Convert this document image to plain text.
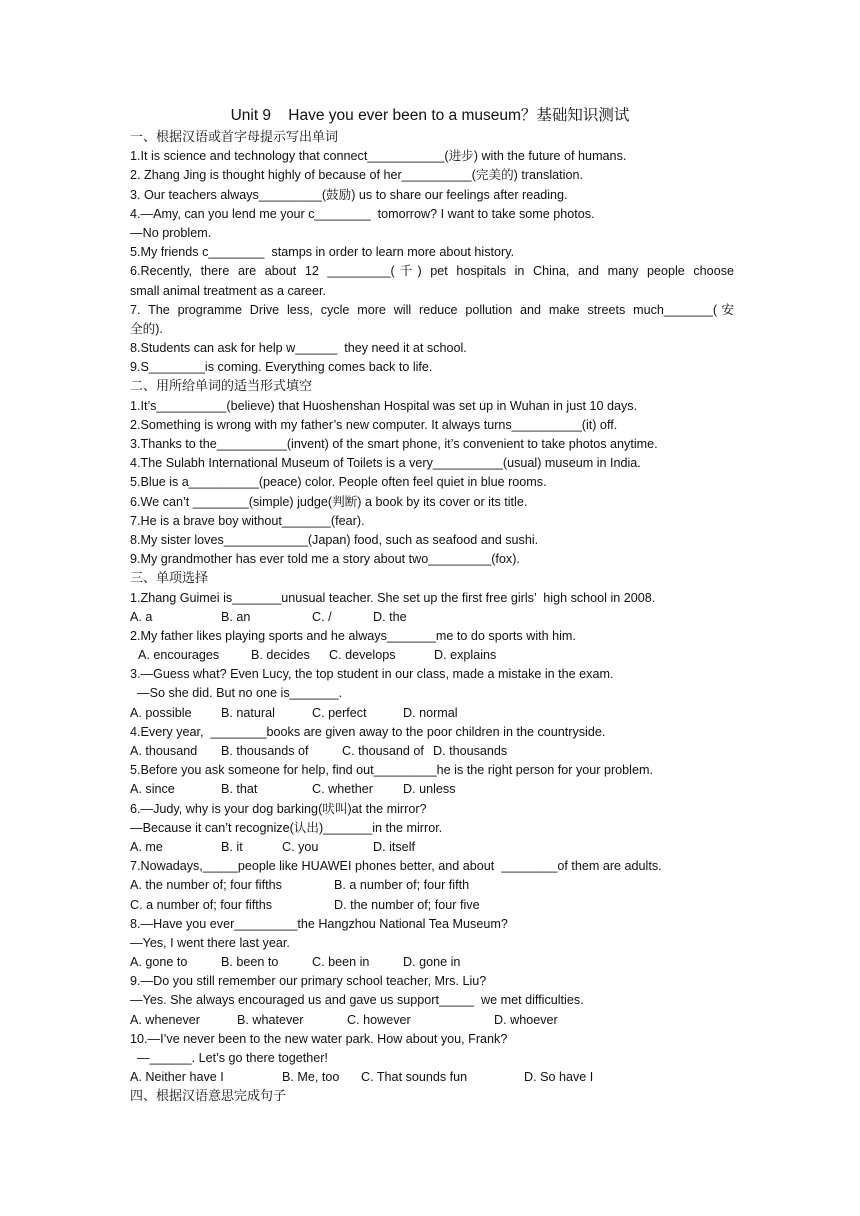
Unit 9    Have you ever been to a museum？基础知识测试
一、根据汉语或首字母提示写出单词
1.It is science and technology that connect___________(进步) with the future of humans.
2. Zhang Jing is thought highly of because of her__________(完美的) translation.
3. Our teachers always_________(鼓励) us to share our feelings after reading.
4.—Amy, can you lend me your c________  tomorrow? I want to take some photos.
—No problem.
5.My friends c________  stamps in order to learn more about history.
6.Recently, there are about 12 _________(千) pet hospitals in China, and many people choose
small animal treatment as a career.
7. The programme Drive less, cycle more will reduce pollution and make streets much_______(安
全的).
8.Students can ask for help w______  they need it at school.
9.S________is coming. Everything comes back to life.
二、用所给单词的适当形式填空
1.It’s__________(believe) that Huoshenshan Hospital was set up in Wuhan in just 10 days.
2.Something is wrong with my father’s new computer. It always turns__________(it) off.
3.Thanks to the__________(invent) of the smart phone, it’s convenient to take photos anytime.
4.The Sulabh International Museum of Toilets is a very__________(usual) museum in India.
5.Blue is a__________(peace) color. People often feel quiet in blue rooms.
6.We can’t ________(simple) judge(判断) a book by its cover or its title.
7.He is a brave boy without_______(fear).
8.My sister loves____________(Japan) food, such as seafood and sushi.
9.My grandmother has ever told me a story about two_________(fox).
三、单项选择
1.Zhang Guimei is_______unusual teacher. She set up the first free girls’  high school in 2008.
A. a	B. an	C. /	D. the
2.My father likes playing sports and he always_______me to do sports with him.
A. encourages	B. decides C. develops	D. explains
3.—Guess what? Even Lucy, the top student in our class, made a mistake in the exam.
—So she did. But no one is_______.
A. possible B. natural	C. perfect	D. normal
4.Every year,  ________books are given away to the poor children in the countryside.
A. thousand B. thousands of	C. thousand of D. thousands
5.Before you ask someone for help, find out_________he is the right person for your problem.
A. since	B. that	C. whether D. unless
6.—Judy, why is your dog barking(吠叫)at the mirror?
—Because it can’t recognize(认出)_______in the mirror.
A. me	B. it	C. you	D. itself
7.Nowadays,_____people like HUAWEI phones better, and about  ________of them are adults.
A. the number of; four fifths	B. a number of; four fifth
C. a number of; four fifths	D. the number of; four five
8.—Have you ever_________the Hangzhou National Tea Museum?
—Yes, I went there last year.
A. gone to	B. been to	C. been in	D. gone in
9.—Do you still remember our primary school teacher, Mrs. Liu?
—Yes. She always encouraged us and gave us support_____  we met difficulties.
A. whenever	B. whatever	C. however	D. whoever
10.—I’ve never been to the new water park. How about you, Frank?
—______. Let’s go there together!
A. Neither have I	B. Me, too C. That sounds fun	D. So have I
四、根据汉语意思完成句子
